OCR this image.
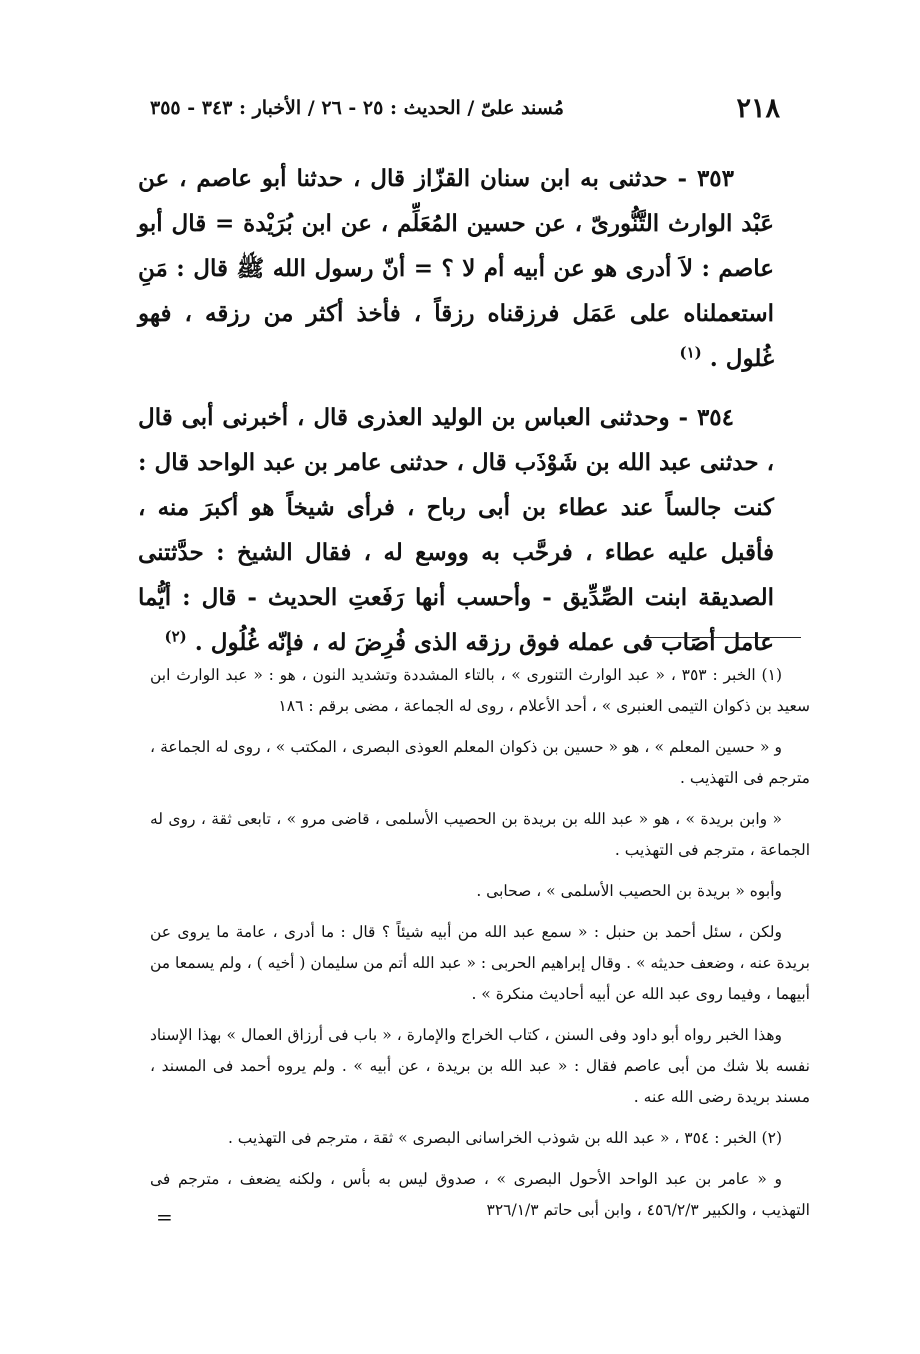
٢١٨
مُسند علىّ / الحديث : ٢٥ - ٢٦ / الأخبار : ٣٤٣ - ٣٥٥

٣٥٣ - حدثنى به ابن سنان القزّاز قال ، حدثنا أبو عاصم ، عن عَبْد الوارث التَّنُّورىّ ، عن حسين المُعَلِّم ، عن ابن بُرَيْدة = قال أبو عاصم : لاَ أدرى هو عن أبيه أم لا ؟ = أنّ رسول الله ﷺ قال : مَنِ استعملناه على عَمَل فرزقناه رزقاً ، فأخذ أكثر من رزقه ، فهو غُلول . $^{(١)}$

٣٥٤ - وحدثنى العباس بن الوليد العذرى قال ، أخبرنى أبى قال ، حدثنى عبد الله بن شَوْذَب قال ، حدثنى عامر بن عبد الواحد قال : كنت جالساً عند عطاء بن أبى رباح ، فرأى شيخاً هو أكبرَ منه ، فأقبل عليه عطاء ، فرحَّب به ووسع له ، فقال الشيخ : حدَّثتنى الصديقة ابنت الصِّدِّيق - وأحسب أنها رَفَعتِ الحديث - قال : أيُّما عامل أصَاب فى عمله فوق رزقه الذى فُرِضَ له ، فإنّه غُلُول . $^{(٢)}$

(١) الخبر : ٣٥٣ ، « عبد الوارث التنورى » ، بالتاء المشددة وتشديد النون ، هو : « عبد الوارث ابن سعيد بن ذكوان التيمى العنبرى » ، أحد الأعلام ، روى له الجماعة ، مضى برقم : ١٨٦

و « حسين المعلم » ، هو « حسين بن ذكوان المعلم العوذى البصرى ، المكتب » ، روى له الجماعة ، مترجم فى التهذيب .

« وابن بريدة » ، هو « عبد الله بن بريدة بن الحصيب الأسلمى ، قاضى مرو » ، تابعى ثقة ، روى له الجماعة ، مترجم فى التهذيب .

وأبوه « بريدة بن الحصيب الأسلمى » ، صحابى .

ولكن ، سئل أحمد بن حنبل : « سمع عبد الله من أبيه شيئاً ؟ قال : ما أدرى ، عامة ما يروى عن بريدة عنه ، وضعف حديثه » . وقال إبراهيم الحربى : « عبد الله أتم من سليمان ( أخيه ) ، ولم يسمعا من أبيهما ، وفيما روى عبد الله عن أبيه أحاديث منكرة » .

وهذا الخبر رواه أبو داود وفى السنن ، كتاب الخراج والإمارة ، « باب فى أرزاق العمال » بهذا الإسناد نفسه بلا شك من أبى عاصم فقال : « عبد الله بن بريدة ، عن أبيه » . ولم يروه أحمد فى المسند ، مسند بريدة رضى الله عنه .

(٢) الخبر : ٣٥٤ ، « عبد الله بن شوذب الخراسانى البصرى » ثقة ، مترجم فى التهذيب .

و « عامر بن عبد الواحد الأحول البصرى » ، صدوق ليس به بأس ، ولكنه يضعف ، مترجم فى التهذيب ، والكبير ٤٥٦/٢/٣ ، وابن أبى حاتم ٣٢٦/١/٣

=
